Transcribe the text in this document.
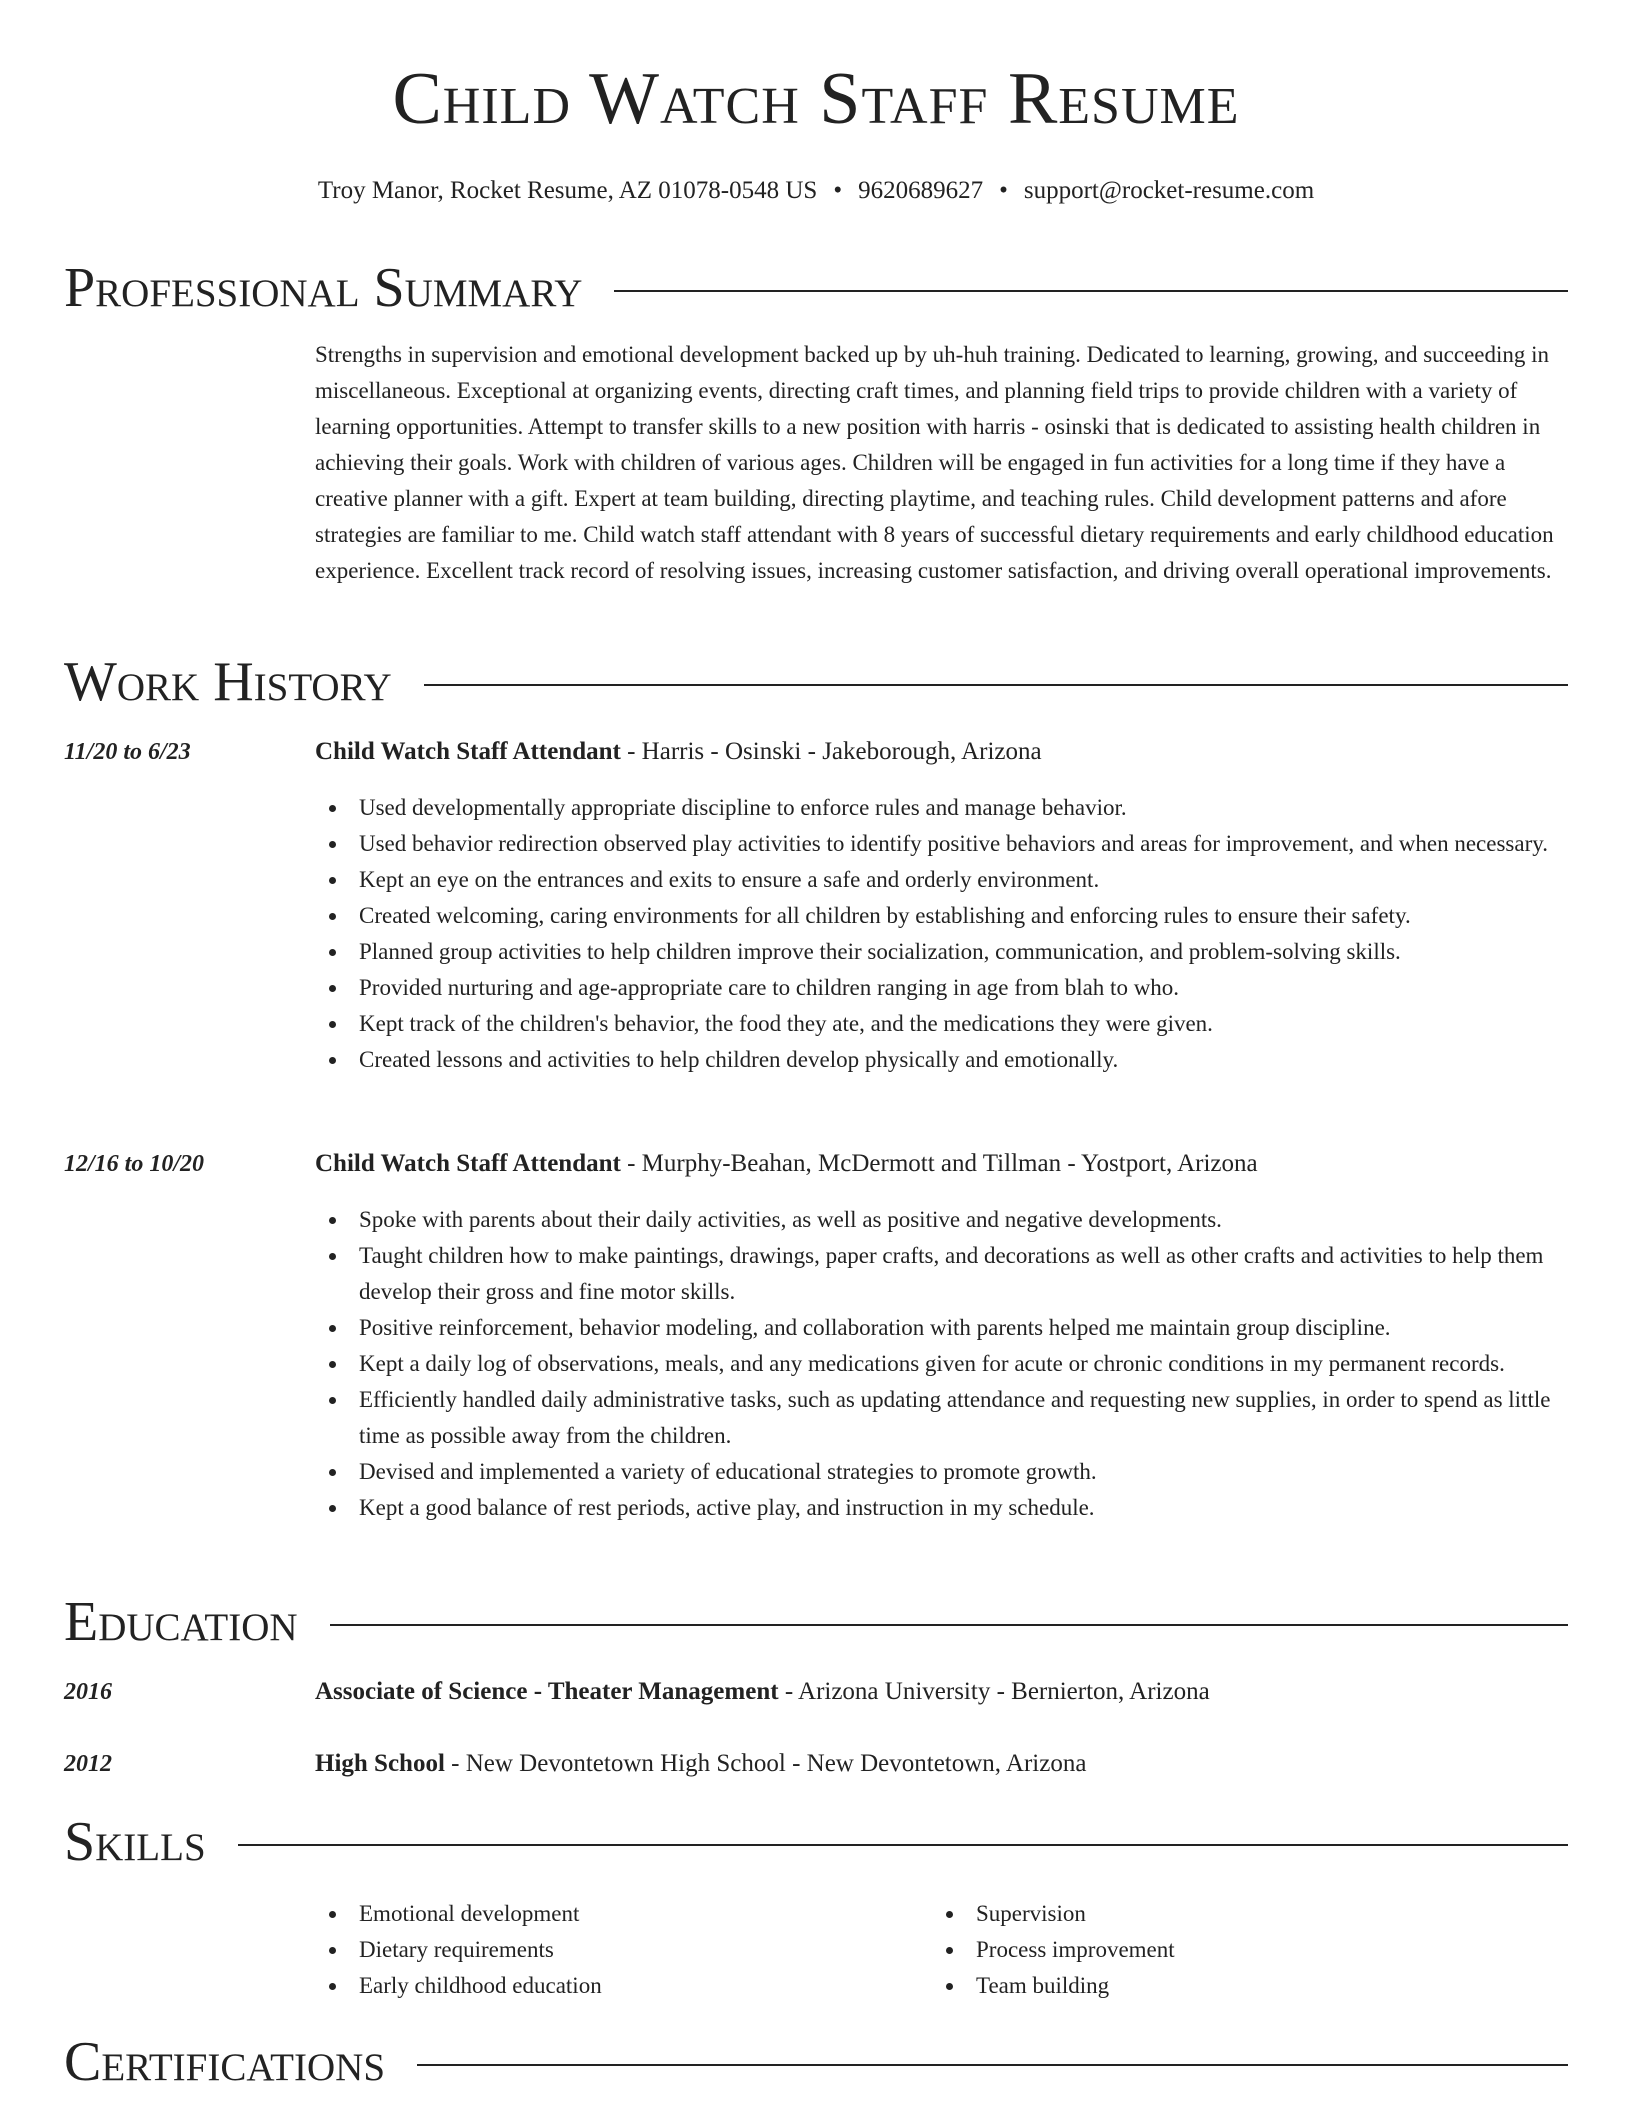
Child Watch Staff Resume
Troy Manor, Rocket Resume, AZ 01078-0548 US • 9620689627 • support@rocket-resume.com
Professional Summary

Strengths in supervision and emotional development backed up by uh-huh training. Dedicated to learning, growing, and succeeding in miscellaneous. Exceptional at organizing events, directing craft times, and planning field trips to provide children with a variety of learning opportunities. Attempt to transfer skills to a new position with harris - osinski that is dedicated to assisting health children in achieving their goals. Work with children of various ages. Children will be engaged in fun activities for a long time if they have a creative planner with a gift. Expert at team building, directing playtime, and teaching rules. Child development patterns and afore strategies are familiar to me. Child watch staff attendant with 8 years of successful dietary requirements and early childhood education experience. Excellent track record of resolving issues, increasing customer satisfaction, and driving overall operational improvements.

Work History
11/20 to 6/23	Child Watch Staff Attendant - Harris - Osinski - Jakeborough, Arizona
Used developmentally appropriate discipline to enforce rules and manage behavior.
Used behavior redirection observed play activities to identify positive behaviors and areas for improvement, and when necessary.
Kept an eye on the entrances and exits to ensure a safe and orderly environment.
Created welcoming, caring environments for all children by establishing and enforcing rules to ensure their safety.
Planned group activities to help children improve their socialization, communication, and problem-solving skills.
Provided nurturing and age-appropriate care to children ranging in age from blah to who.
Kept track of the children's behavior, the food they ate, and the medications they were given.
Created lessons and activities to help children develop physically and emotionally.
12/16 to 10/20	Child Watch Staff Attendant - Murphy-Beahan, McDermott and Tillman - Yostport, Arizona
Spoke with parents about their daily activities, as well as positive and negative developments.
Taught children how to make paintings, drawings, paper crafts, and decorations as well as other crafts and activities to help them develop their gross and fine motor skills.
Positive reinforcement, behavior modeling, and collaboration with parents helped me maintain group discipline.
Kept a daily log of observations, meals, and any medications given for acute or chronic conditions in my permanent records.
Efficiently handled daily administrative tasks, such as updating attendance and requesting new supplies, in order to spend as little time as possible away from the children.
Devised and implemented a variety of educational strategies to promote growth.
Kept a good balance of rest periods, active play, and instruction in my schedule.
Education
2016	Associate of Science - Theater Management - Arizona University - Bernierton, Arizona
2012	High School - New Devontetown High School - New Devontetown, Arizona
Skills
Emotional development
Dietary requirements
Early childhood education
Supervision
Process improvement
Team building
Certifications
